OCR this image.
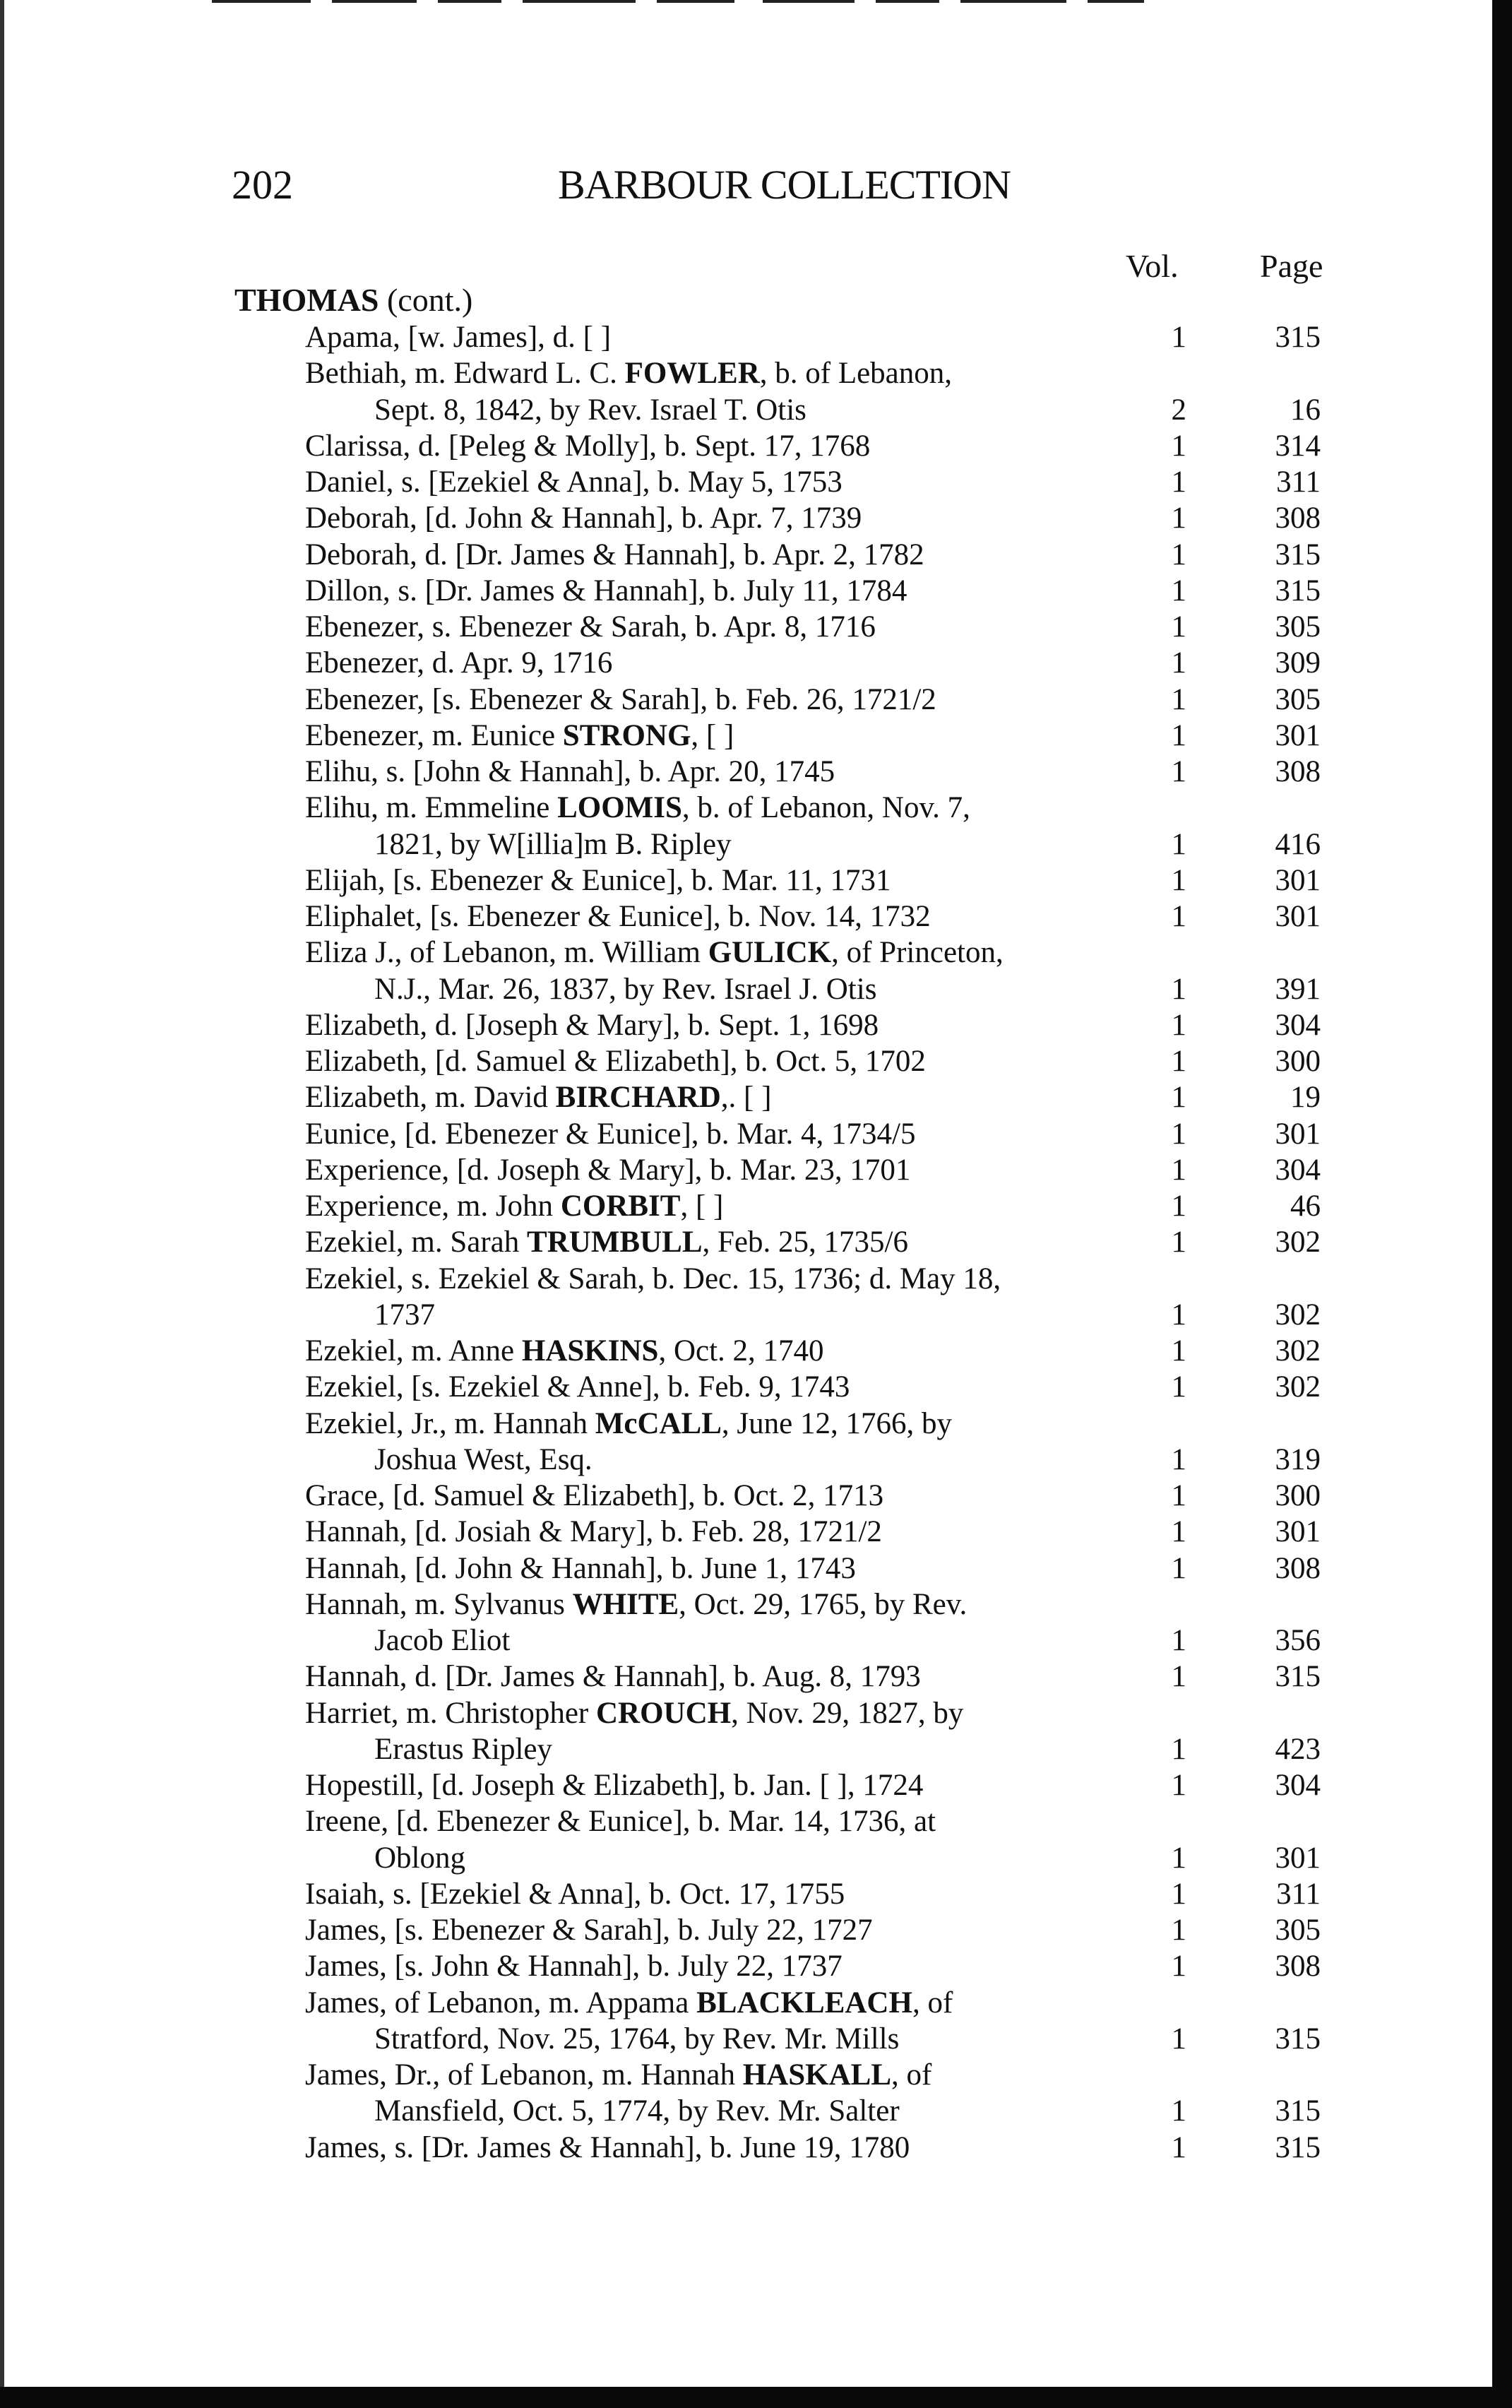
202	BARBOUR COLLECTION
Vol.	Page
THOMAS (cont.)
Apama, [w. James], d. [ ]	1	315
Bethiah, m. Edward L. C. FOWLER, b. of Lebanon,
Sept. 8, 1842, by Rev. Israel T. Otis	2	16
Clarissa, d. [Peleg & Molly], b. Sept. 17, 1768	1	314
Daniel, s. [Ezekiel & Anna], b. May 5, 1753	1	311
Deborah, [d. John & Hannah], b. Apr. 7, 1739	1	308
Deborah, d. [Dr. James & Hannah], b. Apr. 2, 1782	1	315
Dillon, s. [Dr. James & Hannah], b. July 11, 1784	1	315
Ebenezer, s. Ebenezer & Sarah, b. Apr. 8, 1716	1	305
Ebenezer, d. Apr. 9, 1716	1	309
Ebenezer, [s. Ebenezer & Sarah], b. Feb. 26, 1721/2	1	305
Ebenezer, m. Eunice STRONG, [ ]	1	301
Elihu, s. [John & Hannah], b. Apr. 20, 1745	1	308
Elihu, m. Emmeline LOOMIS, b. of Lebanon, Nov. 7,
1821, by W[illia]m B. Ripley	1	416
Elijah, [s. Ebenezer & Eunice], b. Mar. 11, 1731	1	301
Eliphalet, [s. Ebenezer & Eunice], b. Nov. 14, 1732	1	301
Eliza J., of Lebanon, m. William GULICK, of Princeton,
N.J., Mar. 26, 1837, by Rev. Israel J. Otis	1	391
Elizabeth, d. [Joseph & Mary], b. Sept. 1, 1698	1	304
Elizabeth, [d. Samuel & Elizabeth], b. Oct. 5, 1702	1	300
Elizabeth, m. David BIRCHARD,. [ ]	1	19
Eunice, [d. Ebenezer & Eunice], b. Mar. 4, 1734/5	1	301
Experience, [d. Joseph & Mary], b. Mar. 23, 1701	1	304
Experience, m. John CORBIT, [ ]	1	46
Ezekiel, m. Sarah TRUMBULL, Feb. 25, 1735/6	1	302
Ezekiel, s. Ezekiel & Sarah, b. Dec. 15, 1736; d. May 18,
1737	1	302
Ezekiel, m. Anne HASKINS, Oct. 2, 1740	1	302
Ezekiel, [s. Ezekiel & Anne], b. Feb. 9, 1743	1	302
Ezekiel, Jr., m. Hannah McCALL, June 12, 1766, by
Joshua West, Esq.	1	319
Grace, [d. Samuel & Elizabeth], b. Oct. 2, 1713	1	300
Hannah, [d. Josiah & Mary], b. Feb. 28, 1721/2	1	301
Hannah, [d. John & Hannah], b. June 1, 1743	1	308
Hannah, m. Sylvanus WHITE, Oct. 29, 1765, by Rev.
Jacob Eliot	1	356
Hannah, d. [Dr. James & Hannah], b. Aug. 8, 1793	1	315
Harriet, m. Christopher CROUCH, Nov. 29, 1827, by
Erastus Ripley	1	423
Hopestill, [d. Joseph & Elizabeth], b. Jan. [ ], 1724	1	304
Ireene, [d. Ebenezer & Eunice], b. Mar. 14, 1736, at
Oblong	1	301
Isaiah, s. [Ezekiel & Anna], b. Oct. 17, 1755	1	311
James, [s. Ebenezer & Sarah], b. July 22, 1727	1	305
James, [s. John & Hannah], b. July 22, 1737	1	308
James, of Lebanon, m. Appama BLACKLEACH, of
Stratford, Nov. 25, 1764, by Rev. Mr. Mills	1	315
James, Dr., of Lebanon, m. Hannah HASKALL, of
Mansfield, Oct. 5, 1774, by Rev. Mr. Salter	1	315
James, s. [Dr. James & Hannah], b. June 19, 1780	1	315
